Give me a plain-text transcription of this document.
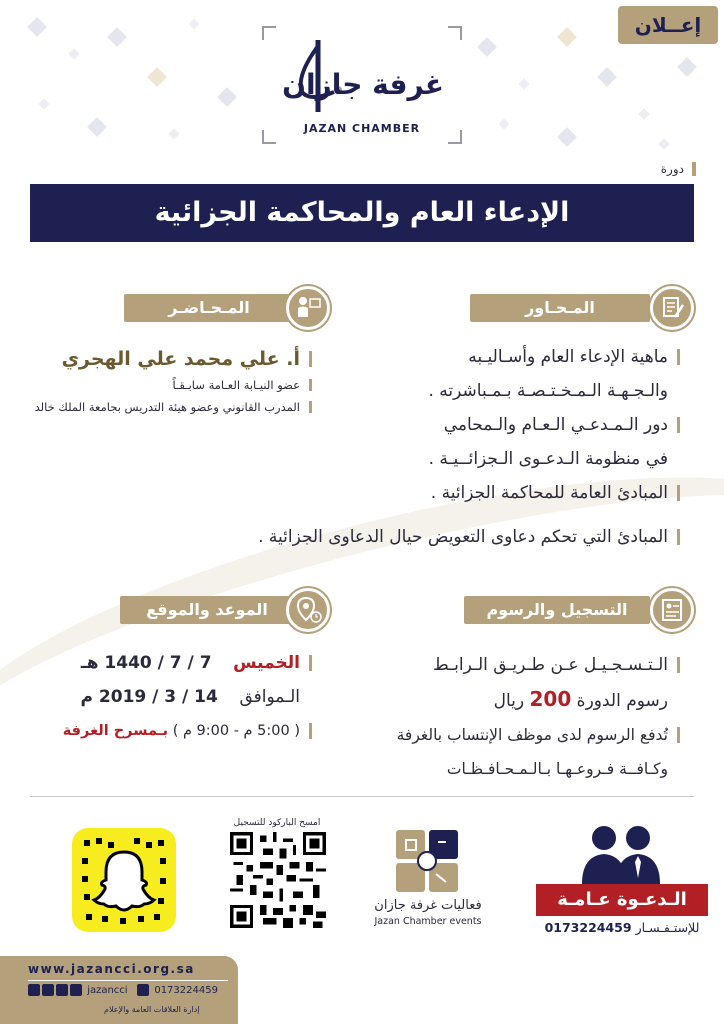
إعــلان
غرفة جازان
JAZAN CHAMBER
دورة
الإدعاء العام والمحاكمة الجزائية
المـحـاور
ماهية الإدعاء العام وأسـاليـبه
والـجـهـة الـمـخـتـصـة بـمـباشرته .
دور الـمـدعـي الـعـام والـمحامي
في منظومة الـدعـوى الـجزائــيـة .
المبادئ العامة للمحاكمة الجزائية .
المبادئ التي تحكم دعاوى التعويض حيال الدعاوى الجزائية .
المـحـاضـر
أ. علي محمد علي الهجري
عضو النيـابة العـامة سابـقـاً
المدرب القانوني وعضو هيئة التدريس بجامعة الملك خالد
التسجيل والرسوم
الـتـسـجـيـل عـن طـريـق الـرابـط
رسوم الدورة 200 ريال
تُدفع الرسوم لدى موظف الإنتساب بالغرفة
وكـافــة فـروعـهـا بـالـمـحـافـظـات
الموعد والموقع
الخميس    7 / 7 / 1440 هـ
الـموافق    14 / 3 / 2019 م
( 5:00 م - 9:00 م ) بـمسرح الغرفة
امسح الباركود للتسجيل
فعاليات غرفة جازان
Jazan Chamber events
الـدعـوة عـامـة
للإستـفـسـار 0173224459
www.jazancci.org.sa
jazancci	0173224459
إدارة العلاقات العامة والإعلام
